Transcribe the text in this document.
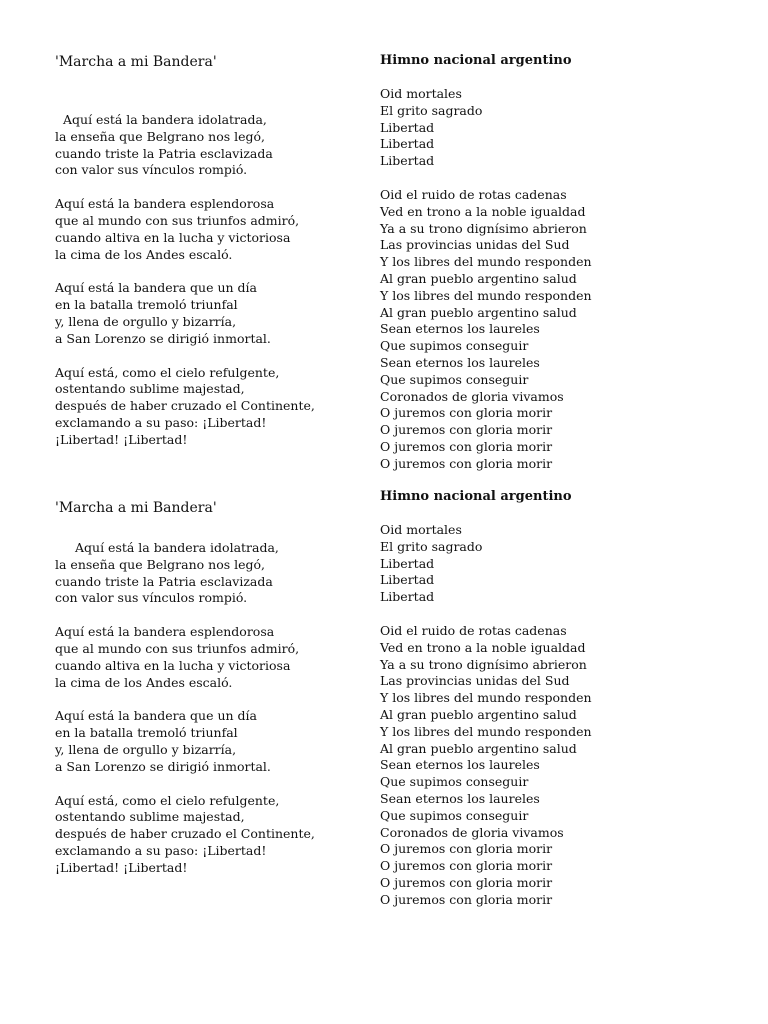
'Marcha a mi Bandera'
Aquí está la bandera idolatrada,
la enseña que Belgrano nos legó,
cuando triste la Patria esclavizada
con valor sus vínculos rompió.
Aquí está la bandera esplendorosa
que al mundo con sus triunfos admiró,
cuando altiva en la lucha y victoriosa
la cima de los Andes escaló.
Aquí está la bandera que un día
en la batalla tremoló triunfal
y, llena de orgullo y bizarría,
a San Lorenzo se dirigió inmortal.
Aquí está, como el cielo refulgente,
ostentando sublime majestad,
después de haber cruzado el Continente,
exclamando a su paso: ¡Libertad!
¡Libertad! ¡Libertad!
'Marcha a mi Bandera'
Aquí está la bandera idolatrada,
la enseña que Belgrano nos legó,
cuando triste la Patria esclavizada
con valor sus vínculos rompió.
Aquí está la bandera esplendorosa
que al mundo con sus triunfos admiró,
cuando altiva en la lucha y victoriosa
la cima de los Andes escaló.
Aquí está la bandera que un día
en la batalla tremoló triunfal
y, llena de orgullo y bizarría,
a San Lorenzo se dirigió inmortal.
Aquí está, como el cielo refulgente,
ostentando sublime majestad,
después de haber cruzado el Continente,
exclamando a su paso: ¡Libertad!
¡Libertad! ¡Libertad!
Himno nacional argentino
Oid mortales
El grito sagrado
Libertad
Libertad
Libertad
Oid el ruido de rotas cadenas
Ved en trono a la noble igualdad
Ya a su trono dignísimo abrieron
Las provincias unidas del Sud
Y los libres del mundo responden
Al gran pueblo argentino salud
Y los libres del mundo responden
Al gran pueblo argentino salud
Sean eternos los laureles
Que supimos conseguir
Sean eternos los laureles
Que supimos conseguir
Coronados de gloria vivamos
O juremos con gloria morir
O juremos con gloria morir
O juremos con gloria morir
O juremos con gloria morir
Himno nacional argentino
Oid mortales
El grito sagrado
Libertad
Libertad
Libertad
Oid el ruido de rotas cadenas
Ved en trono a la noble igualdad
Ya a su trono dignísimo abrieron
Las provincias unidas del Sud
Y los libres del mundo responden
Al gran pueblo argentino salud
Y los libres del mundo responden
Al gran pueblo argentino salud
Sean eternos los laureles
Que supimos conseguir
Sean eternos los laureles
Que supimos conseguir
Coronados de gloria vivamos
O juremos con gloria morir
O juremos con gloria morir
O juremos con gloria morir
O juremos con gloria morir
